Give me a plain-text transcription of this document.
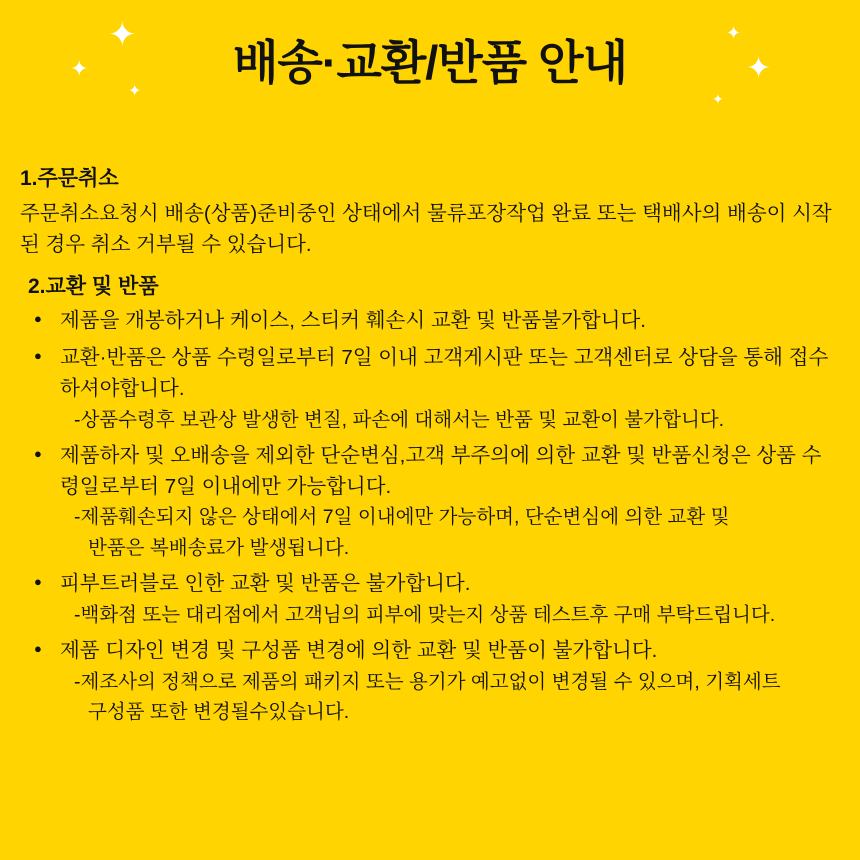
✦
✦
✦
배송·교환/반품 안내
✦
✦
✦
1.주문취소

주문취소요청시 배송(상품)준비중인 상태에서 물류포장작업 완료 또는 택배사의 배송이 시작된 경우 취소 거부될 수 있습니다.

2.교환 및 반품
● 제품을 개봉하거나 케이스, 스티커 훼손시 교환 및 반품불가합니다.
● 교환·반품은 상품 수령일로부터 7일 이내 고객게시판 또는 고객센터로 상담을 통해 접수 하셔야합니다.
-상품수령후 보관상 발생한 변질, 파손에 대해서는 반품 및 교환이 불가합니다.
● 제품하자 및 오배송을 제외한 단순변심,고객 부주의에 의한 교환 및 반품신청은 상품 수령일로부터 7일 이내에만 가능합니다.
-제품훼손되지 않은 상태에서 7일 이내에만 가능하며, 단순변심에 의한 교환 및
반품은 복배송료가 발생됩니다.
● 피부트러블로 인한 교환 및 반품은 불가합니다.
-백화점 또는 대리점에서 고객님의 피부에 맞는지 상품 테스트후 구매 부탁드립니다.
● 제품 디자인 변경 및 구성품 변경에 의한 교환 및 반품이 불가합니다.
-제조사의 정책으로 제품의 패키지 또는 용기가 예고없이 변경될 수 있으며, 기획세트
구성품 또한 변경될수있습니다.
